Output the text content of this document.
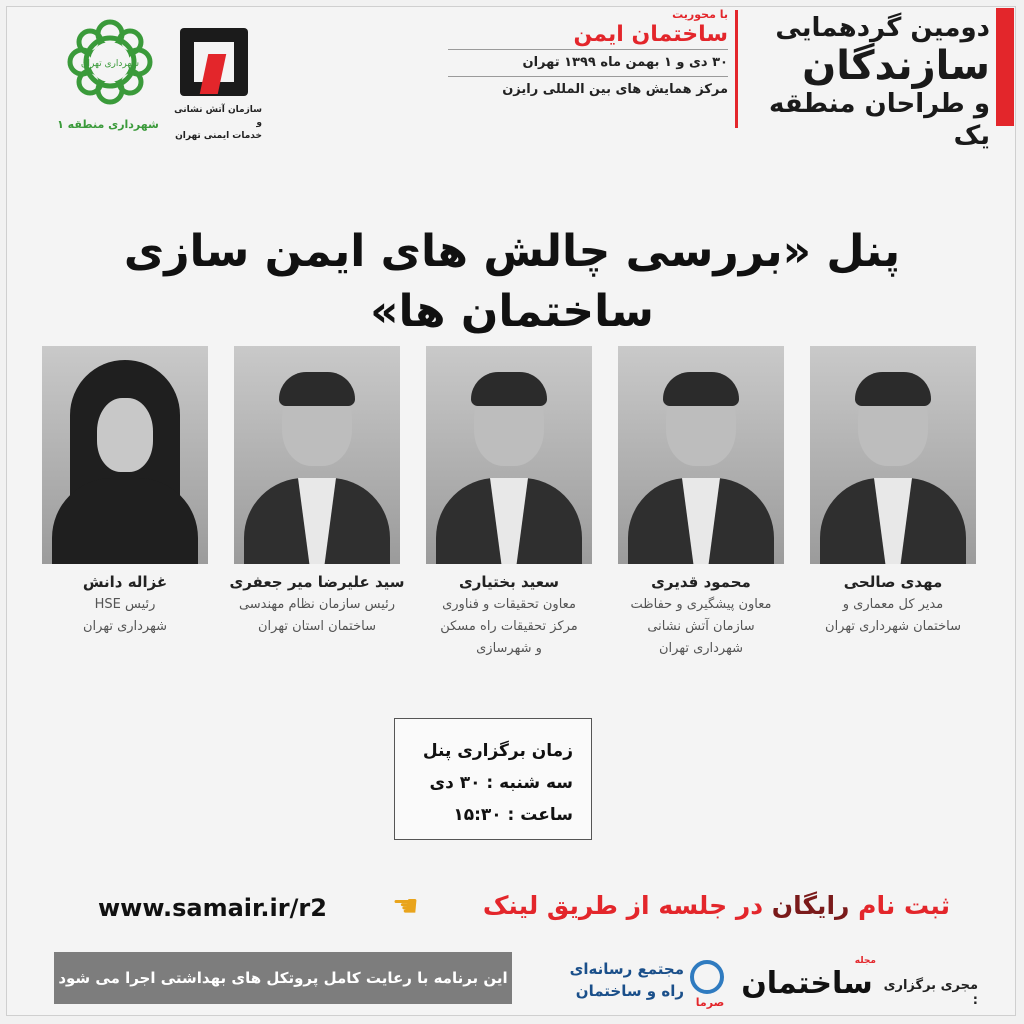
دومین گردهمایی
سازندگان
و طراحان منطقه یک
با محوریت
ساختمان ایمن
۳۰ دی و ۱ بهمن ماه ۱۳۹۹ تهران
مرکز همایش های بین المللی رایزن
سازمان آتش نشانی و
خدمات ایمنی تهران
شهرداری تهران
شهرداری منطقه ۱
پنل «بررسی چالش های ایمن سازی ساختمان ها»
مهدی صالحی
مدیر کل معماری و
ساختمان شهرداری تهران
محمود قدیری
معاون پیشگیری و حفاظت
سازمان آتش نشانی
شهرداری تهران
سعید بختیاری
معاون تحقیقات و فناوری
مرکز تحقیقات راه مسکن
و شهرسازی
سید علیرضا میر جعفری
رئیس سازمان نظام مهندسی
ساختمان استان تهران
غزاله دانش
رئیس HSE
شهرداری تهران
زمان برگزاری پنل
سه شنبه : ۳۰ دی
ساعت : ۱۵:۳۰
ثبت نام رایگان در جلسه از طریق لینک
☚
www.samair.ir/r2
این برنامه با رعایت کامل پروتکل های بهداشتی اجرا می شود	مجتمع رسانه‌ای
راه و ساختمان
صرما
ساختمان
مجله
مجری برگزاری :
